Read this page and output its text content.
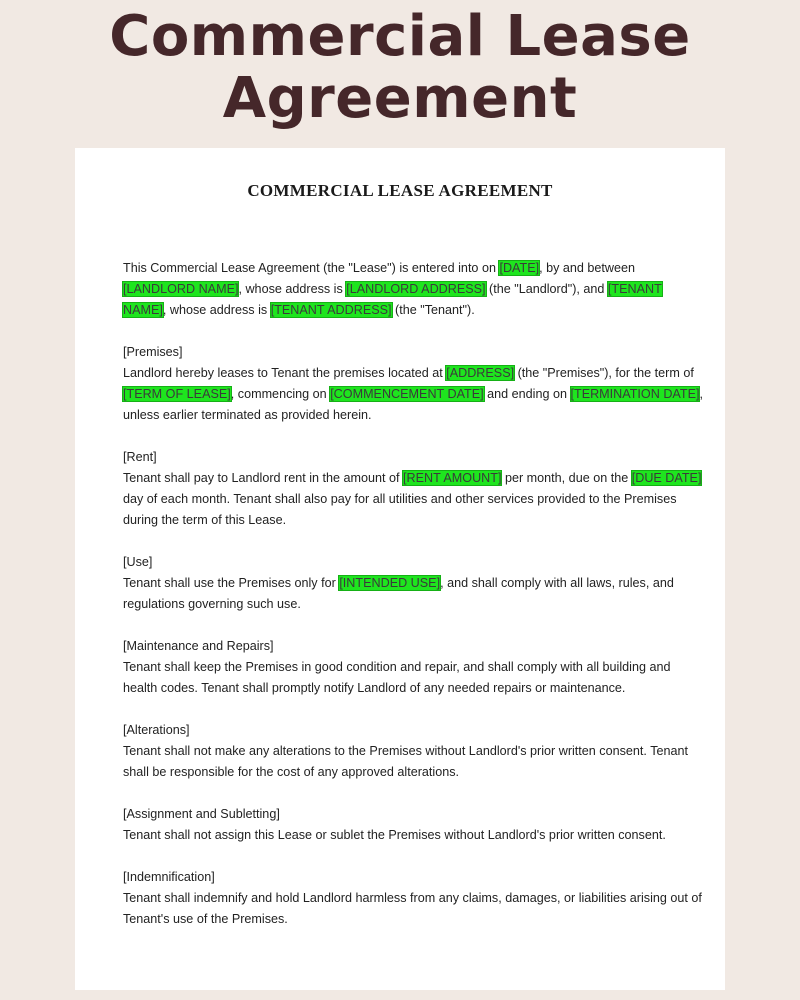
Commercial Lease
Agreement
COMMERCIAL LEASE AGREEMENT

This Commercial Lease Agreement (the "Lease") is entered into on [DATE], by and between [LANDLORD NAME], whose address is [LANDLORD ADDRESS] (the "Landlord"), and [TENANT NAME], whose address is [TENANT ADDRESS] (the "Tenant").

[Premises]
Landlord hereby leases to Tenant the premises located at [ADDRESS] (the "Premises"), for the term of [TERM OF LEASE], commencing on [COMMENCEMENT DATE] and ending on [TERMINATION DATE], unless earlier terminated as provided herein.

[Rent]
Tenant shall pay to Landlord rent in the amount of [RENT AMOUNT] per month, due on the [DUE DATE] day of each month. Tenant shall also pay for all utilities and other services provided to the Premises during the term of this Lease.

[Use]
Tenant shall use the Premises only for [INTENDED USE], and shall comply with all laws, rules, and regulations governing such use.

[Maintenance and Repairs]
Tenant shall keep the Premises in good condition and repair, and shall comply with all building and health codes. Tenant shall promptly notify Landlord of any needed repairs or maintenance.

[Alterations]
Tenant shall not make any alterations to the Premises without Landlord's prior written consent. Tenant shall be responsible for the cost of any approved alterations.

[Assignment and Subletting]
Tenant shall not assign this Lease or sublet the Premises without Landlord's prior written consent.

[Indemnification]
Tenant shall indemnify and hold Landlord harmless from any claims, damages, or liabilities arising out of Tenant's use of the Premises.
